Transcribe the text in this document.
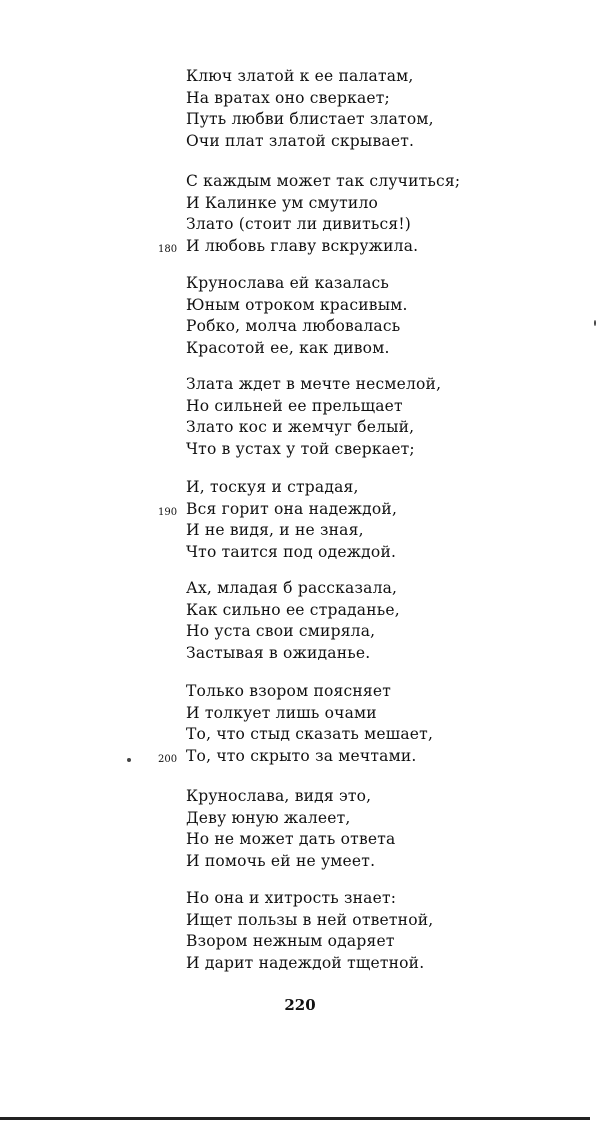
Ключ златой к ее палатам,
На вратах оно сверкает;
Путь любви блистает златом,
Очи плат златой скрывает.
С каждым может так случиться;
И Калинке ум смутило
Злато (стоит ли дивиться!)
180 И любовь главу вскружила.
Крунослава ей казалась
Юным отроком красивым.
Робко, молча любовалась
Красотой ее, как дивом.
Злата ждет в мечте несмелой,
Но сильней ее прельщает
Злато кос и жемчуг белый,
Что в устах у той сверкает;
И, тоскуя и страдая,
190 Вся горит она надеждой,
И не видя, и не зная,
Что таится под одеждой.
Ах, младая б рассказала,
Как сильно ее страданье,
Но уста свои смиряла,
Застывая в ожиданье.
Только взором поясняет
И толкует лишь очами
То, что стыд сказать мешает,
200 То, что скрыто за мечтами.
Крунослава, видя это,
Деву юную жалеет,
Но не может дать ответа
И помочь ей не умеет.
Но она и хитрость знает:
Ищет пользы в ней ответной,
Взором нежным одаряет
И дарит надеждой тщетной.
220
